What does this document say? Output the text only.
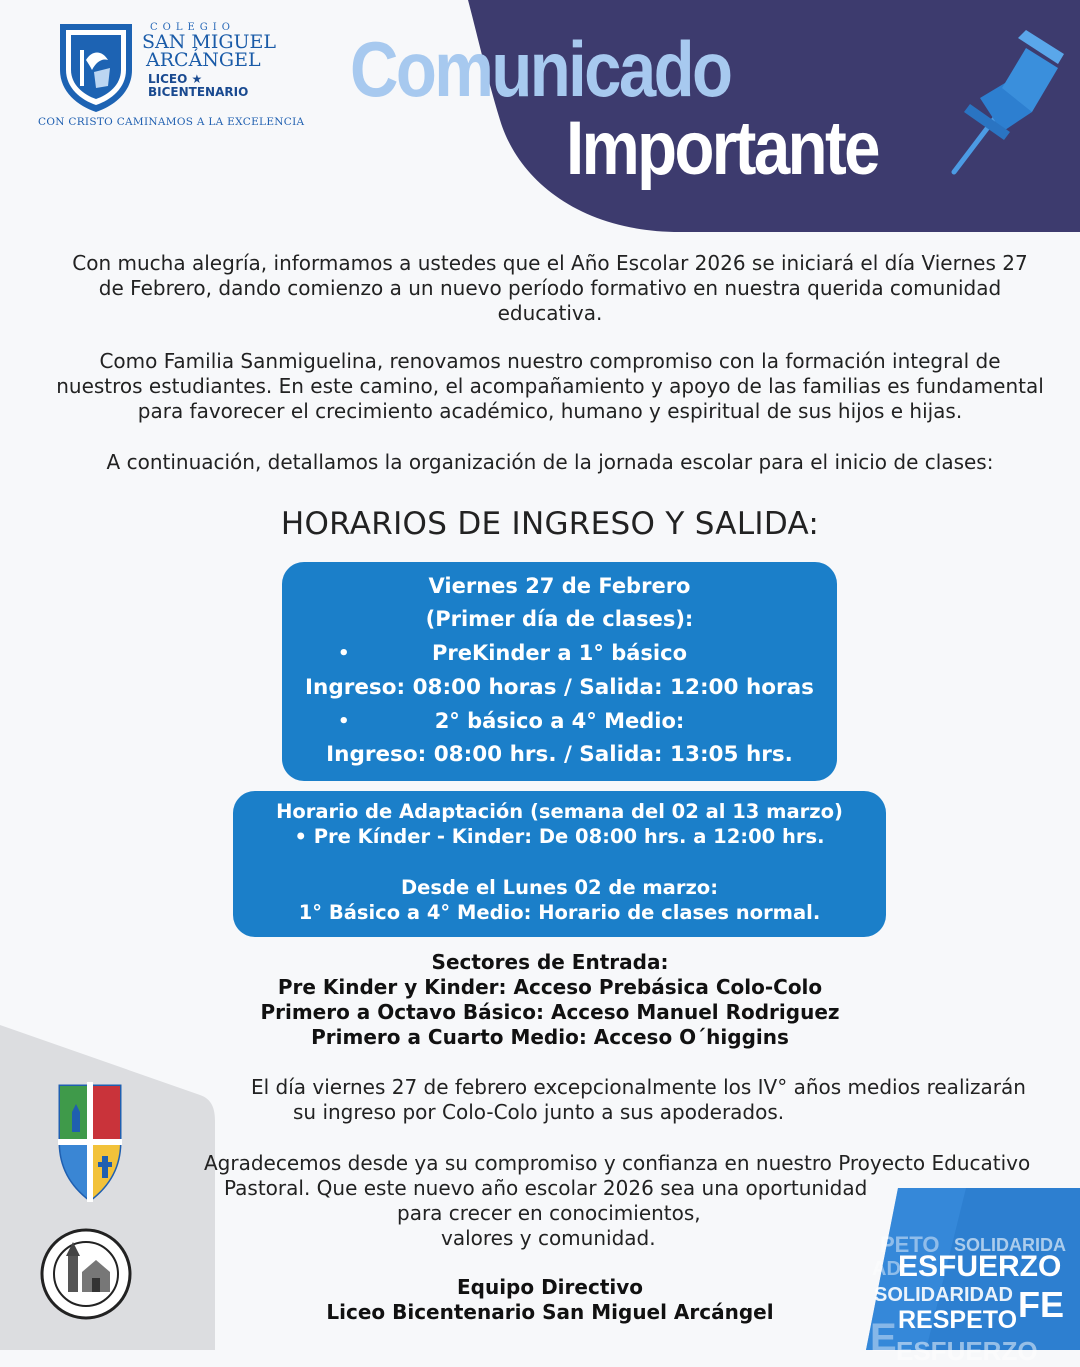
COLEGIO
SAN MIGUEL
ARCÁNGEL
LICEO ★
BICENTENARIO
CON CRISTO CAMINAMOS A LA EXCELENCIA
Comunicado
Importante
Con mucha alegría, informamos a ustedes que el Año Escolar 2026 se iniciará el día Viernes 27
de Febrero, dando comienzo a un nuevo período formativo en nuestra querida comunidad
educativa.
Como Familia Sanmiguelina, renovamos nuestro compromiso con la formación integral de
nuestros estudiantes. En este camino, el acompañamiento y apoyo de las familias es fundamental
para favorecer el crecimiento académico, humano y espiritual de sus hijos e hijas.
A continuación, detallamos la organización de la jornada escolar para el inicio de clases:
HORARIOS DE INGRESO Y SALIDA:
Viernes 27 de Febrero
(Primer día de clases):
•	PreKinder a 1° básico
Ingreso: 08:00 horas / Salida: 12:00 horas
•	2° básico a 4° Medio:
Ingreso: 08:00 hrs. / Salida: 13:05 hrs.
Horario de Adaptación (semana del 02 al 13 marzo)
• Pre Kínder - Kinder: De 08:00 hrs. a 12:00 hrs.
Desde el Lunes 02 de marzo:
1° Básico a 4° Medio: Horario de clases normal.
Sectores de Entrada:
Pre Kinder y Kinder: Acceso Prebásica Colo-Colo
Primero a Octavo Básico: Acceso Manuel Rodriguez
Primero a Cuarto Medio: Acceso O´higgins
El día viernes 27 de febrero excepcionalmente los IV° años medios realizarán
su ingreso por Colo-Colo junto a sus apoderados.
PETO SOLIDARIDA
AD
ESFUERZO
SOLIDARIDAD
RESPETO FE
E ESFUERZO
Agradecemos desde ya su compromiso y confianza en nuestro Proyecto Educativo
Pastoral. Que este nuevo año escolar 2026 sea una oportunidad
para crecer en conocimientos,
valores y comunidad.
Equipo Directivo
Liceo Bicentenario San Miguel Arcángel
